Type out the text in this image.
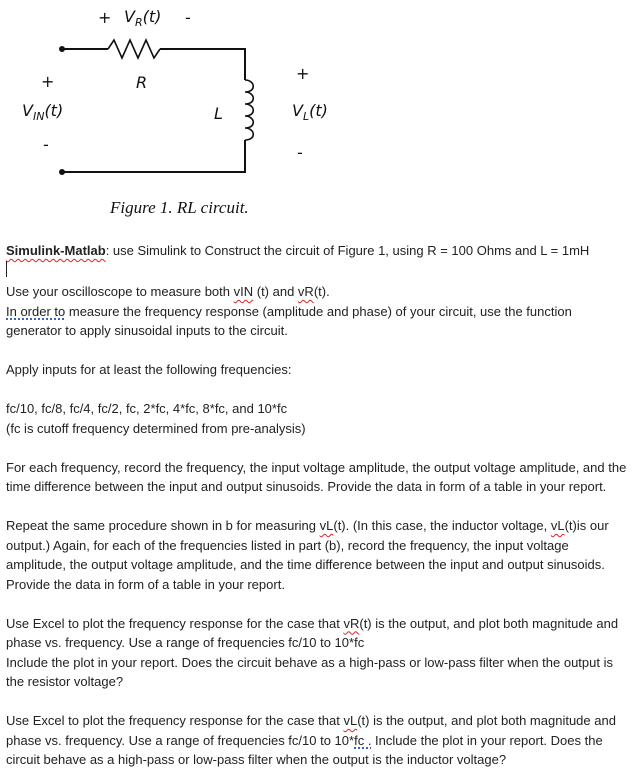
+ $V_R(t)$ -
R
+
$V_{IN}(t)$
-
L
+
$V_L(t)$
-
Figure 1. RL circuit.

Simulink-Matlab: use Simulink to Construct the circuit of Figure 1, using R = 100 Ohms and L = 1mH

Use your oscilloscope to measure both vIN (t) and vR(t).

In order to measure the frequency response (amplitude and phase) of your circuit, use the function generator to apply sinusoidal inputs to the circuit.

Apply inputs for at least the following frequencies:

fc/10, fc/8, fc/4, fc/2, fc, 2*fc, 4*fc, 8*fc, and 10*fc

(fc is cutoff frequency determined from pre-analysis)

For each frequency, record the frequency, the input voltage amplitude, the output voltage amplitude, and the time difference between the input and output sinusoids. Provide the data in form of a table in your report.

Repeat the same procedure shown in b for measuring vL(t). (In this case, the inductor voltage, vL(t)is our output.) Again, for each of the frequencies listed in part (b), record the frequency, the input voltage amplitude, the output voltage amplitude, and the time difference between the input and output sinusoids. Provide the data in form of a table in your report.

Use Excel to plot the frequency response for the case that vR(t) is the output, and plot both magnitude and phase vs. frequency. Use a range of frequencies fc/10 to 10*fc

Include the plot in your report. Does the circuit behave as a high-pass or low-pass filter when the output is the resistor voltage?

Use Excel to plot the frequency response for the case that vL(t) is the output, and plot both magnitude and phase vs. frequency. Use a range of frequencies fc/10 to 10*fc . Include the plot in your report. Does the circuit behave as a high-pass or low-pass filter when the output is the inductor voltage?
